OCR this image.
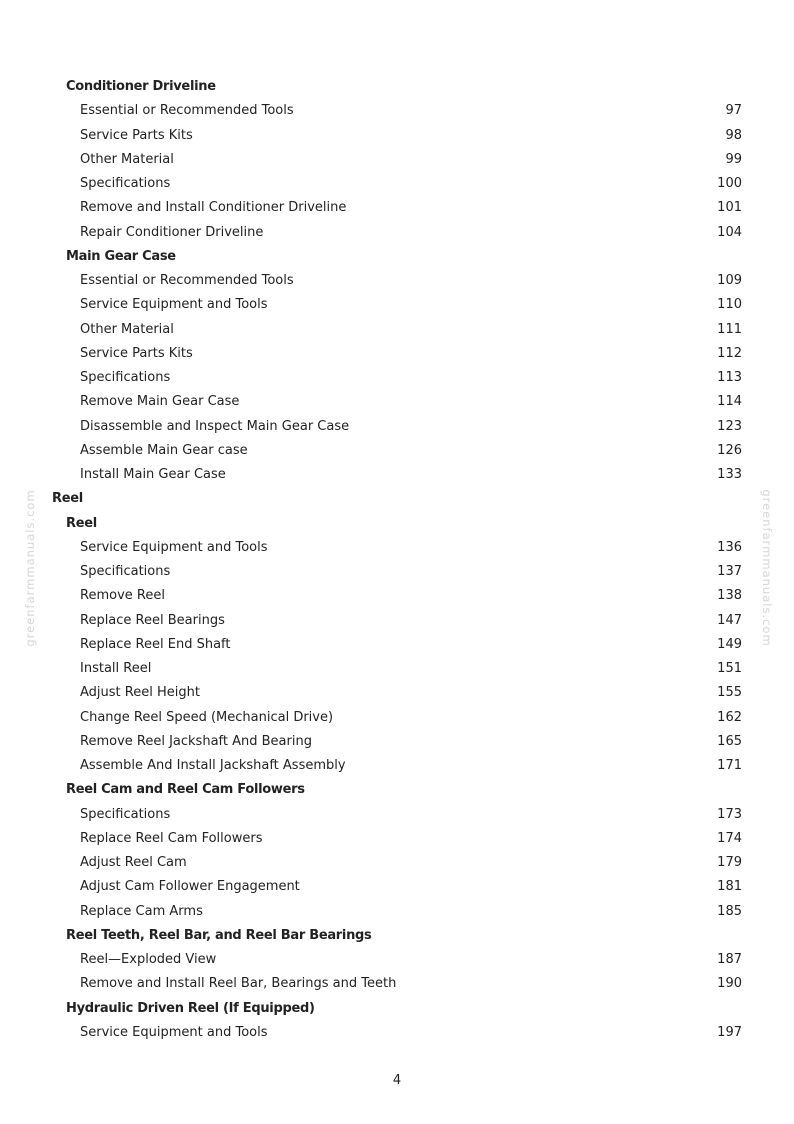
Conditioner Driveline
Essential or Recommended Tools	97
Service Parts Kits	98
Other Material	99
Specifications	100
Remove and Install Conditioner Driveline	101
Repair Conditioner Driveline	104
Main Gear Case
Essential or Recommended Tools	109
Service Equipment and Tools	110
Other Material	111
Service Parts Kits	112
Specifications	113
Remove Main Gear Case	114
Disassemble and Inspect Main Gear Case	123
Assemble Main Gear case	126
Install Main Gear Case	133
Reel
Reel
Service Equipment and Tools	136
Specifications	137
Remove Reel	138
Replace Reel Bearings	147
Replace Reel End Shaft	149
Install Reel	151
Adjust Reel Height	155
Change Reel Speed (Mechanical Drive)	162
Remove Reel Jackshaft And Bearing	165
Assemble And Install Jackshaft Assembly	171
Reel Cam and Reel Cam Followers
Specifications	173
Replace Reel Cam Followers	174
Adjust Reel Cam	179
Adjust Cam Follower Engagement	181
Replace Cam Arms	185
Reel Teeth, Reel Bar, and Reel Bar Bearings
Reel—Exploded View	187
Remove and Install Reel Bar, Bearings and Teeth	190
Hydraulic Driven Reel (If Equipped)
Service Equipment and Tools	197
greenfarmmanuals.com	greenfarmmanuals.com
4
